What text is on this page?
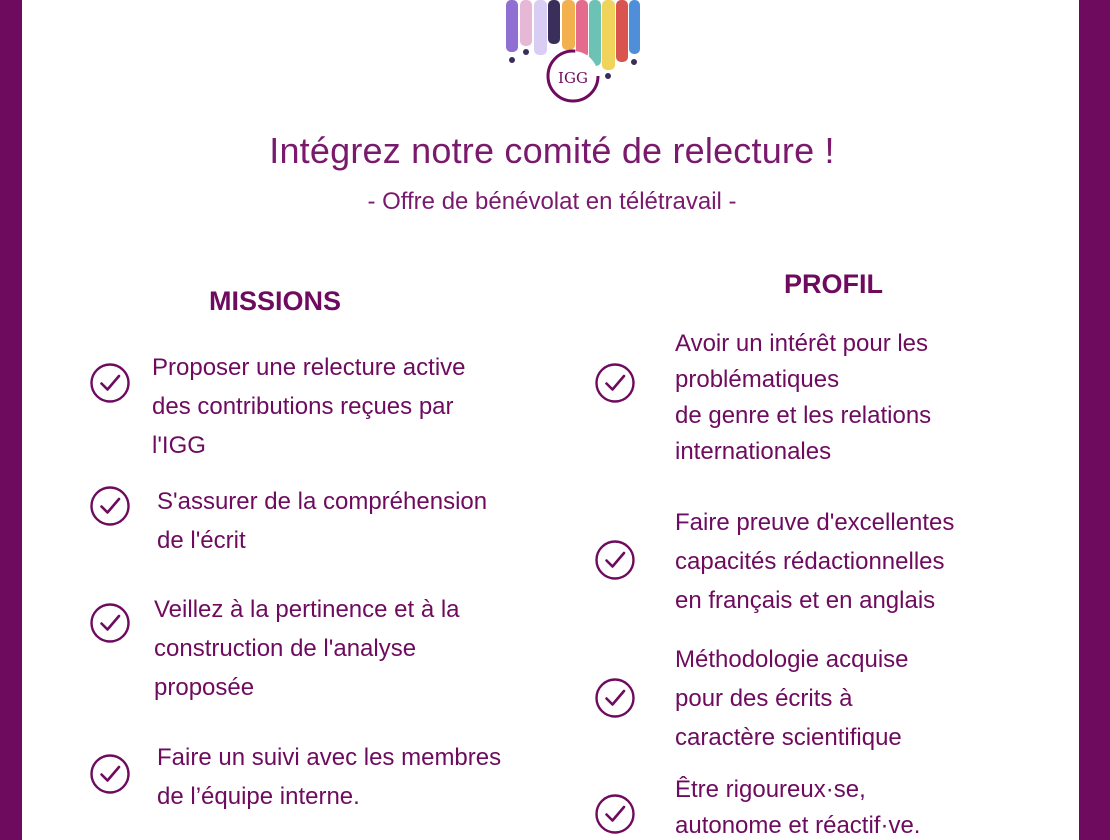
IGG
Intégrez notre comité de relecture !
- Offre de bénévolat en télétravail -
MISSIONS
PROFIL
Proposer une relecture active
des contributions reçues par
l'IGG
S'assurer de la compréhension
de l'écrit
Veillez à la pertinence et à la
construction de l'analyse
proposée
Faire un suivi avec les membres
de l’équipe interne.
Avoir un intérêt pour les
problématiques
de genre et les relations
internationales
Faire preuve d'excellentes
capacités rédactionnelles
en français et en anglais
Méthodologie acquise
pour des écrits à
caractère scientifique
Être rigoureux·se,
autonome et réactif·ve.
